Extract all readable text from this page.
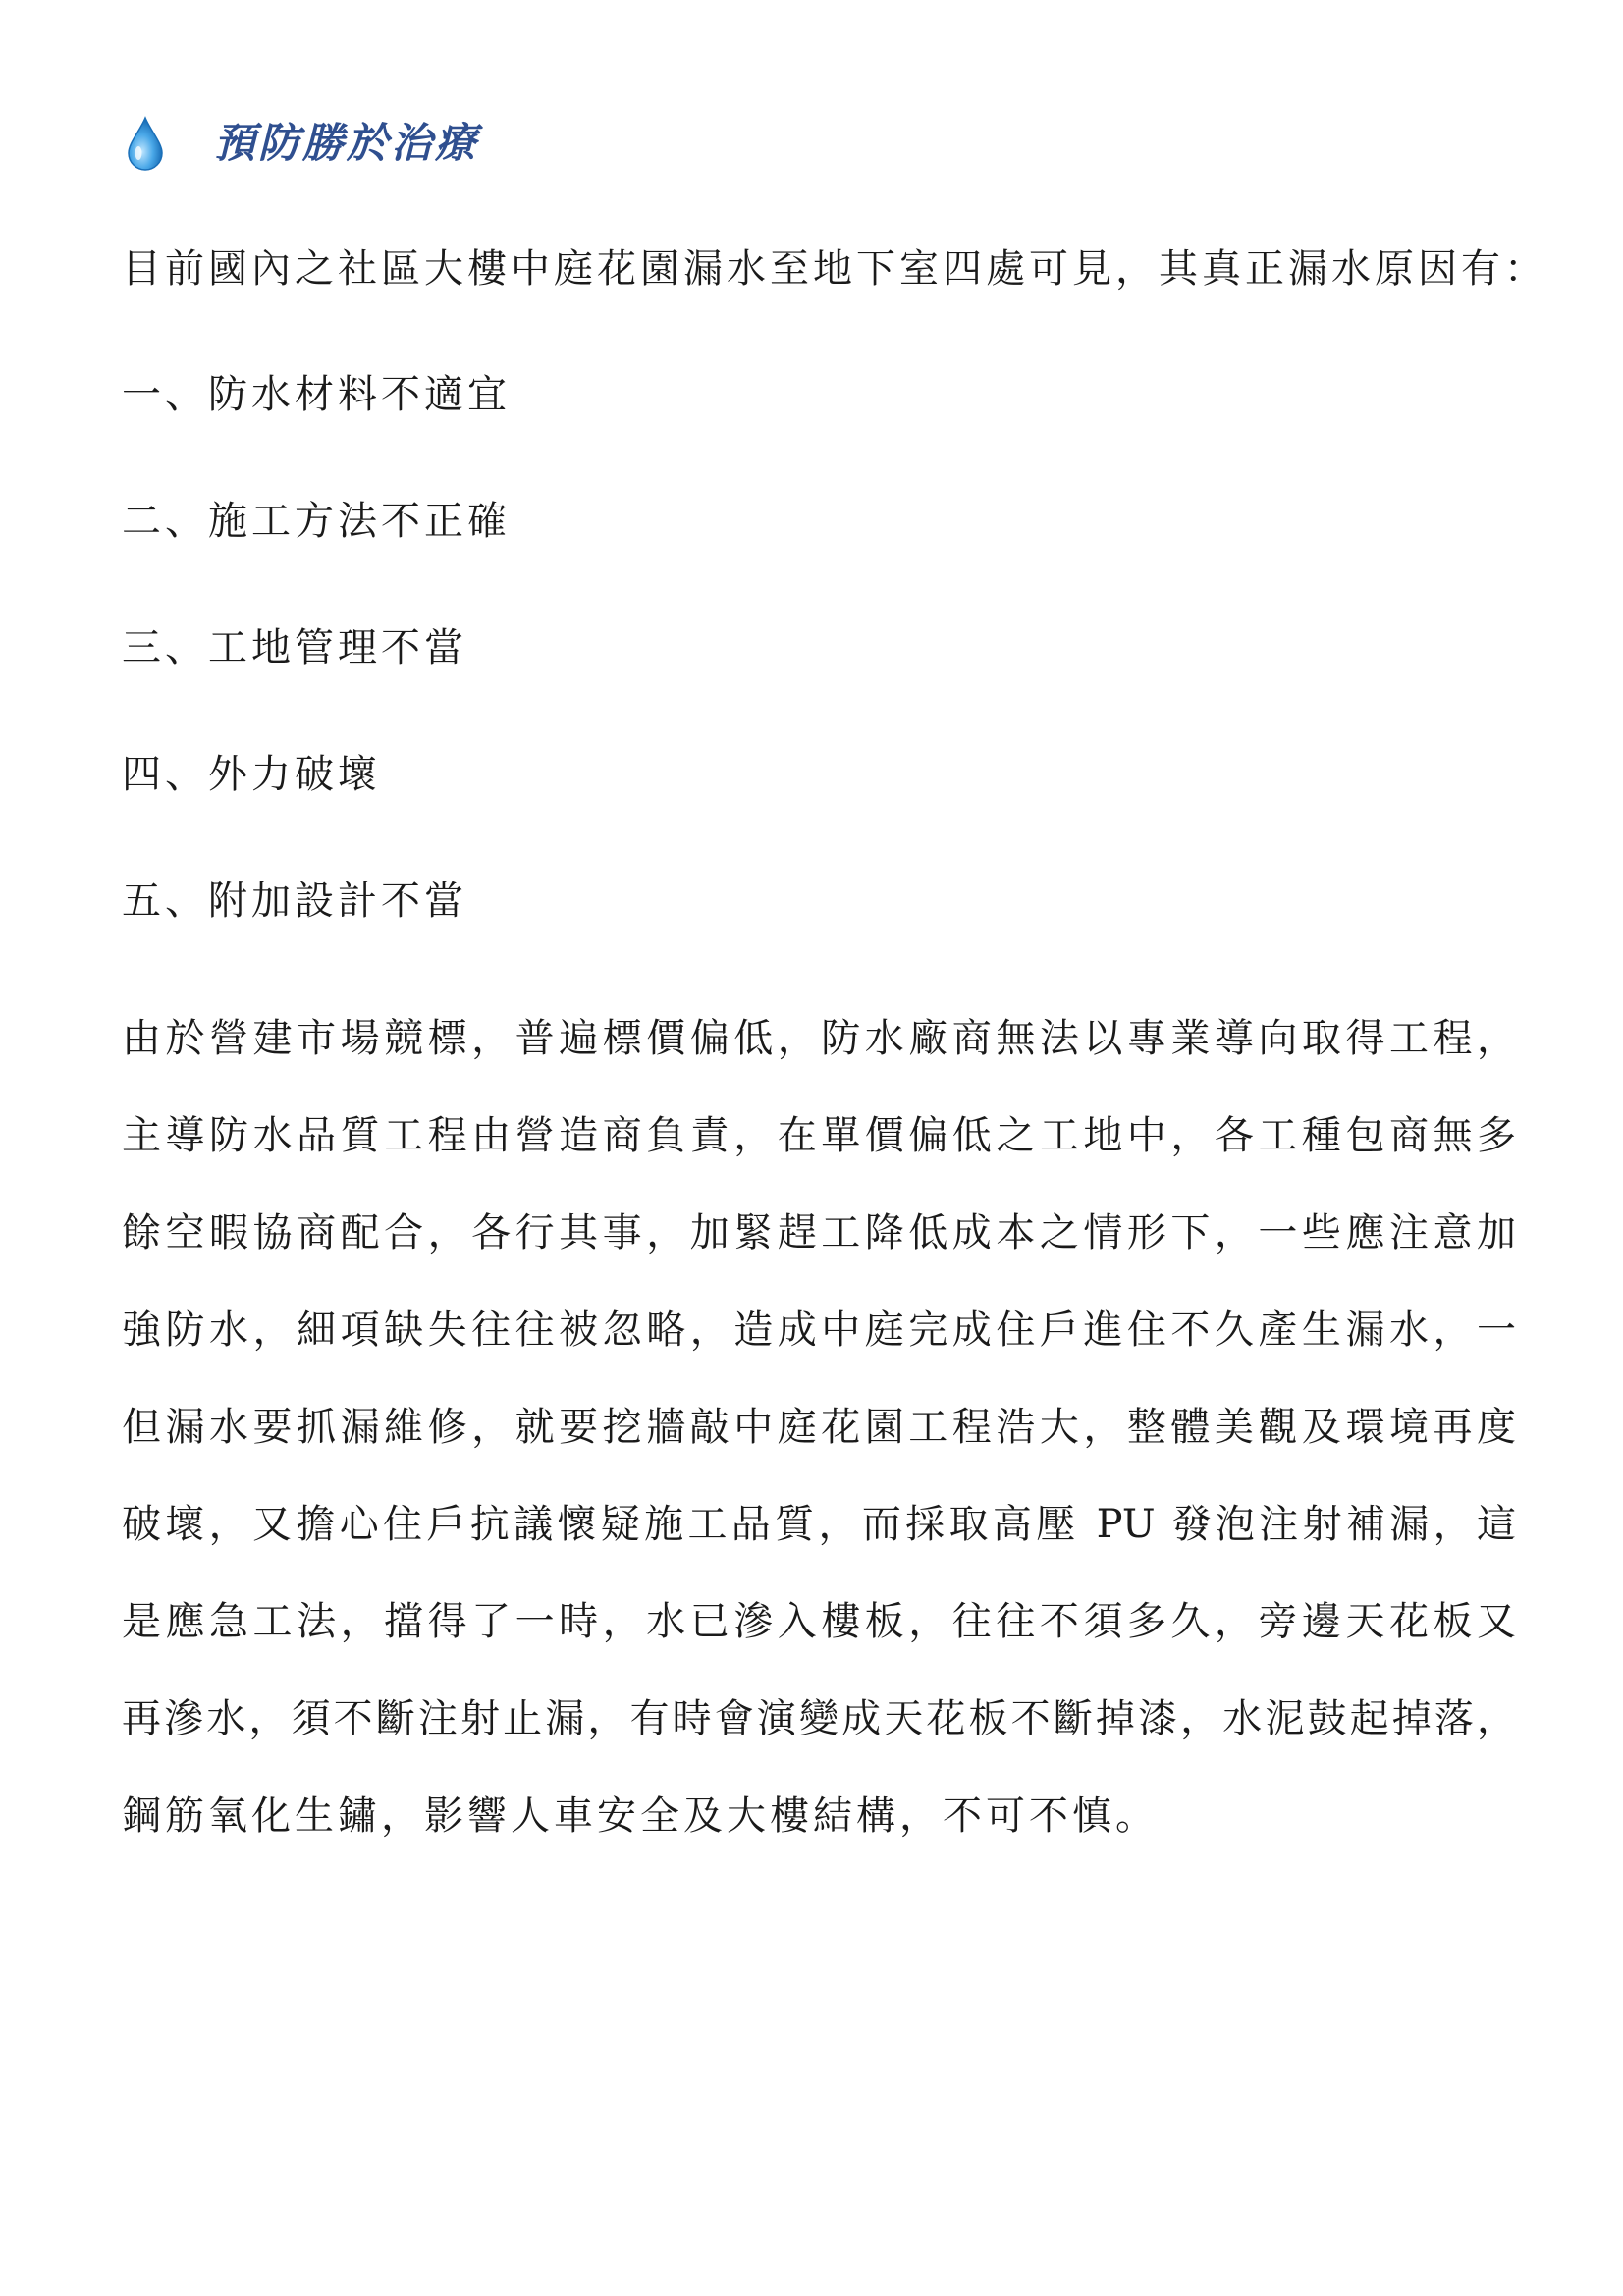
預防勝於治療
目前國內之社區大樓中庭花園漏水至地下室四處可見，其真正漏水原因有：
一、防水材料不適宜
二、施工方法不正確
三、工地管理不當
四、外力破壞
五、附加設計不當
由於營建市場競標，普遍標價偏低，防水廠商無法以專業導向取得工程，
主導防水品質工程由營造商負責，在單價偏低之工地中，各工種包商無多
餘空暇協商配合，各行其事，加緊趕工降低成本之情形下，一些應注意加
強防水，細項缺失往往被忽略，造成中庭完成住戶進住不久產生漏水，一
但漏水要抓漏維修，就要挖牆敲中庭花園工程浩大，整體美觀及環境再度
破壞，又擔心住戶抗議懷疑施工品質，而採取高壓 PU 發泡注射補漏，這
是應急工法，擋得了一時，水已滲入樓板，往往不須多久，旁邊天花板又
再滲水，須不斷注射止漏，有時會演變成天花板不斷掉漆，水泥鼓起掉落，
鋼筋氧化生鏽，影響人車安全及大樓結構，不可不慎。
